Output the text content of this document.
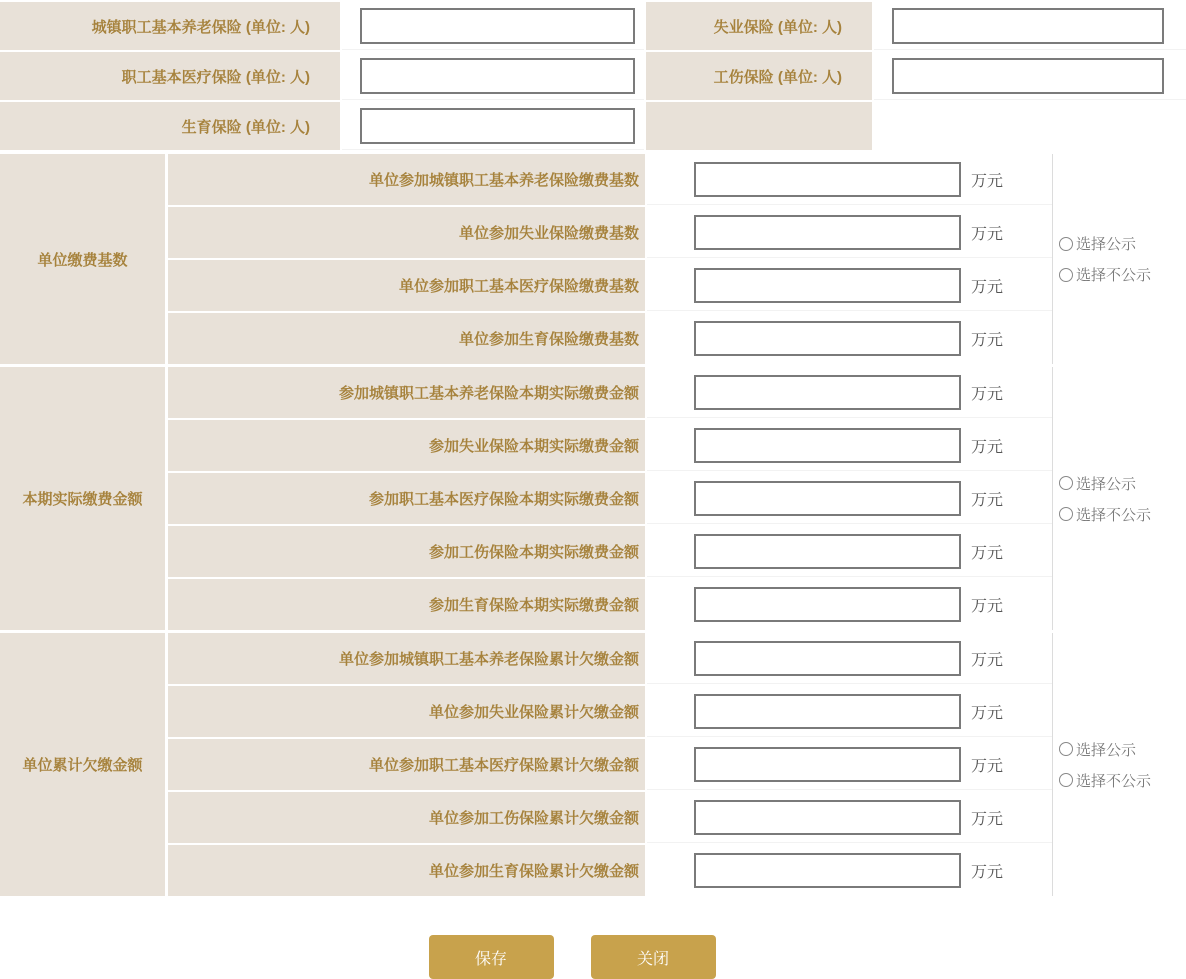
城镇职工基本养老保险 (单位: 人)	失业保险 (单位: 人)
职工基本医疗保险 (单位: 人)	工伤保险 (单位: 人)
生育保险 (单位: 人)
单位缴费基数
单位参加城镇职工基本养老保险缴费基数	万元
单位参加失业保险缴费基数	万元
单位参加职工基本医疗保险缴费基数	万元
单位参加生育保险缴费基数	万元
选择公示
选择不公示
本期实际缴费金额
参加城镇职工基本养老保险本期实际缴费金额	万元
参加失业保险本期实际缴费金额	万元
参加职工基本医疗保险本期实际缴费金额	万元
参加工伤保险本期实际缴费金额	万元
参加生育保险本期实际缴费金额	万元
选择公示
选择不公示
单位累计欠缴金额
单位参加城镇职工基本养老保险累计欠缴金额	万元
单位参加失业保险累计欠缴金额	万元
单位参加职工基本医疗保险累计欠缴金额	万元
单位参加工伤保险累计欠缴金额	万元
单位参加生育保险累计欠缴金额	万元
选择公示
选择不公示
保存	关闭
